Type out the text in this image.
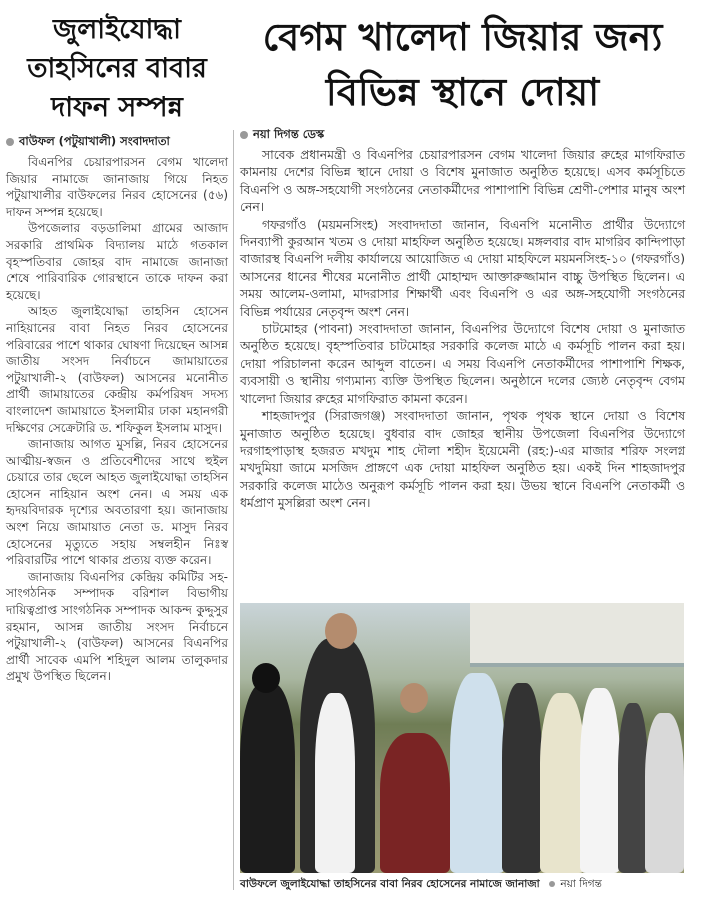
জুলাইযোদ্ধা তাহসিনের বাবার দাফন সম্পন্ন
বাউফল (পটুয়াখালী) সংবাদদাতা

বিএনপির চেয়ারপারসন বেগম খালেদা জিয়ার নামাজে জানাজায় গিয়ে নিহত পটুয়াখালীর বাউফলের নিরব হোসেনের (৫৬) দাফন সম্পন্ন হয়েছে।

উপজেলার বড়ডালিমা গ্রামের আজাদ সরকারি প্রাথমিক বিদ্যালয় মাঠে গতকাল বৃহস্পতিবার জোহর বাদ নামাজে জানাজা শেষে পারিবারিক গোরস্থানে তাকে দাফন করা হয়েছে।

আহত জুলাইযোদ্ধা তাহসিন হোসেন নাহিয়ানের বাবা নিহত নিরব হোসেনের পরিবারের পাশে থাকার ঘোষণা দিয়েছেন আসন্ন জাতীয় সংসদ নির্বাচনে জামায়াতের পটুয়াখালী-২ (বাউফল) আসনের মনোনীত প্রার্থী জামায়াতের কেন্দ্রীয় কর্মপরিষদ সদস্য বাংলাদেশ জামায়াতে ইসলামীর ঢাকা মহানগরী দক্ষিণের সেক্রেটারি ড. শফিকুল ইসলাম মাসুদ।

জানাজায় আগত মুসল্লি, নিরব হোসেনের আত্মীয়-স্বজন ও প্রতিবেশীদের সাথে হুইল চেয়ারে তার ছেলে আহত জুলাইযোদ্ধা তাহসিন হোসেন নাহিয়ান অংশ নেন। এ সময় এক হৃদয়বিদারক দৃশ্যের অবতারণা হয়। জানাজায় অংশ নিয়ে জামায়াত নেতা ড. মাসুদ নিরব হোসেনের মৃত্যুতে সহায় সম্বলহীন নিঃস্ব পরিবারটির পাশে থাকার প্রত্যয় ব্যক্ত করেন।

জানাজায় বিএনপির কেন্দ্রিয় কমিটির সহ-সাংগঠনিক সম্পাদক বরিশাল বিভাগীয় দায়িত্বপ্রাপ্ত সাংগঠনিক সম্পাদক আকন্দ কুদ্দুসুর রহমান, আসন্ন জাতীয় সংসদ নির্বাচনে পটুয়াখালী-২ (বাউফল) আসনের বিএনপির প্রার্থী সাবেক এমপি শহিদুল আলম তালুকদার প্রমুখ উপস্থিত ছিলেন।

বেগম খালেদা জিয়ার জন্য
বিভিন্ন স্থানে দোয়া
নয়া দিগন্ত ডেস্ক

সাবেক প্রধানমন্ত্রী ও বিএনপির চেয়ারপারসন বেগম খালেদা জিয়ার রুহের মাগফিরাত কামনায় দেশের বিভিন্ন স্থানে দোয়া ও বিশেষ মুনাজাত অনুষ্ঠিত হয়েছে। এসব কর্মসূচিতে বিএনপি ও অঙ্গ-সহযোগী সংগঠনের নেতাকর্মীদের পাশাপাশি বিভিন্ন শ্রেণী-পেশার মানুষ অংশ নেন।

গফরগাঁও (ময়মনসিংহ) সংবাদদাতা জানান, বিএনপি মনোনীত প্রার্থীর উদ্যোগে দিনব্যাপী কুরআন খতম ও দোয়া মাহফিল অনুষ্ঠিত হয়েছে। মঙ্গলবার বাদ মাগরিব কান্দিপাড়া বাজারস্থ বিএনপি দলীয় কার্যালয়ে আয়োজিত এ দোয়া মাহফিলে ময়মনসিংহ-১০ (গফরগাঁও) আসনের ধানের শীষের মনোনীত প্রার্থী মোহাম্মদ আক্তারুজ্জামান বাচ্চু উপস্থিত ছিলেন। এ সময় আলেম-ওলামা, মাদরাসার শিক্ষার্থী এবং বিএনপি ও এর অঙ্গ-সহযোগী সংগঠনের বিভিন্ন পর্যায়ের নেতৃবৃন্দ অংশ নেন।

চাটমোহর (পাবনা) সংবাদদাতা জানান, বিএনপির উদ্যোগে বিশেষ দোয়া ও মুনাজাত অনুষ্ঠিত হয়েছে। বৃহস্পতিবার চাটমোহর সরকারি কলেজ মাঠে এ কর্মসূচি পালন করা হয়। দোয়া পরিচালনা করেন আব্দুল বাতেন। এ সময় বিএনপি নেতাকর্মীদের পাশাপাশি শিক্ষক, ব্যবসায়ী ও স্থানীয় গণ্যমান্য ব্যক্তি উপস্থিত ছিলেন। অনুষ্ঠানে দলের জ্যেষ্ঠ নেতৃবৃন্দ বেগম খালেদা জিয়ার রুহের মাগফিরাত কামনা করেন।

শাহজাদপুর (সিরাজগঞ্জ) সংবাদদাতা জানান, পৃথক পৃথক স্থানে দোয়া ও বিশেষ মুনাজাত অনুষ্ঠিত হয়েছে। বুধবার বাদ জোহর স্থানীয় উপজেলা বিএনপির উদ্যোগে দরগাহপাড়াস্থ হজরত মখদুম শাহ দৌলা শহীদ ইয়েমেনী (রহ:)-এর মাজার শরিফ সংলগ্ন মখদুমিয়া জামে মসজিদ প্রাঙ্গণে এক দোয়া মাহফিল অনুষ্ঠিত হয়। একই দিন শাহজাদপুর সরকারি কলেজ মাঠেও অনুরূপ কর্মসূচি পালন করা হয়। উভয় স্থানে বিএনপি নেতাকর্মী ও ধর্মপ্রাণ মুসল্লিরা অংশ নেন।

বাউফলে জুলাইযোদ্ধা তাহসিনের বাবা নিরব হোসেনের নামাজে জানাজা নয়া দিগন্ত
